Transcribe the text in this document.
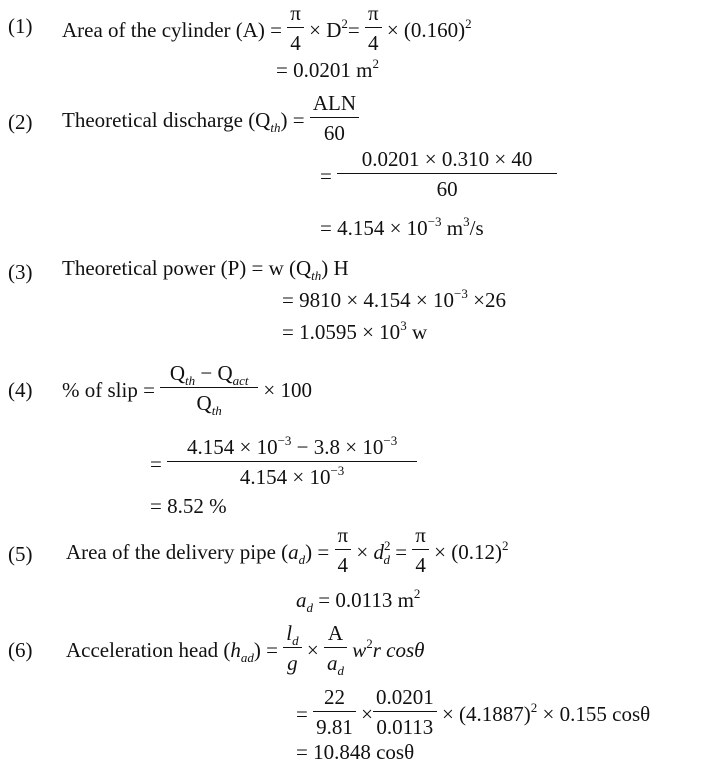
(1) Area of the cylinder $(A) = \frac{\pi}{4} \times D^2= \frac{\pi}{4} \times (0.160)^2$
= 0.0201 $m^2$
(2) Theoretical discharge $(Q_{th}) = \frac{\text{ALN}}{60}$
= $\frac{0.0201 \times 0.310 \times 40}{60}$
= $4.154 \times 10^{-3}$ $m^3/s$
(3) Theoretical power (P) = w $(Q_{th})$ H
= $9810 \times 4.154 \times 10^{-3} \times 26$
= $1.0595 \times 10^3$ w
(4) % of slip = $\frac{Q_{th} - Q_{act}}{Q_{th}} \times 100$
= $\frac{4.154 \times 10^{-3} - 3.8 \times 10^{-3}}{4.154 \times 10^{-3}}$
= 8.52 %
(5) Area of the delivery pipe $(a_d) = \frac{\pi}{4} \times d^2_d = \frac{\pi}{4} \times (0.12)^2$
$a_d = 0.0113$ $m^2$
(6) Acceleration head $(h_{ad}) = \frac{l_d}{g} \times \frac{A}{a_d} w^2r$ cosθ
= $\frac{22}{9.81} \times \frac{0.0201}{0.0113} \times (4.1887)^2 \times 0.155$ cosθ
= 10.848 cosθ
